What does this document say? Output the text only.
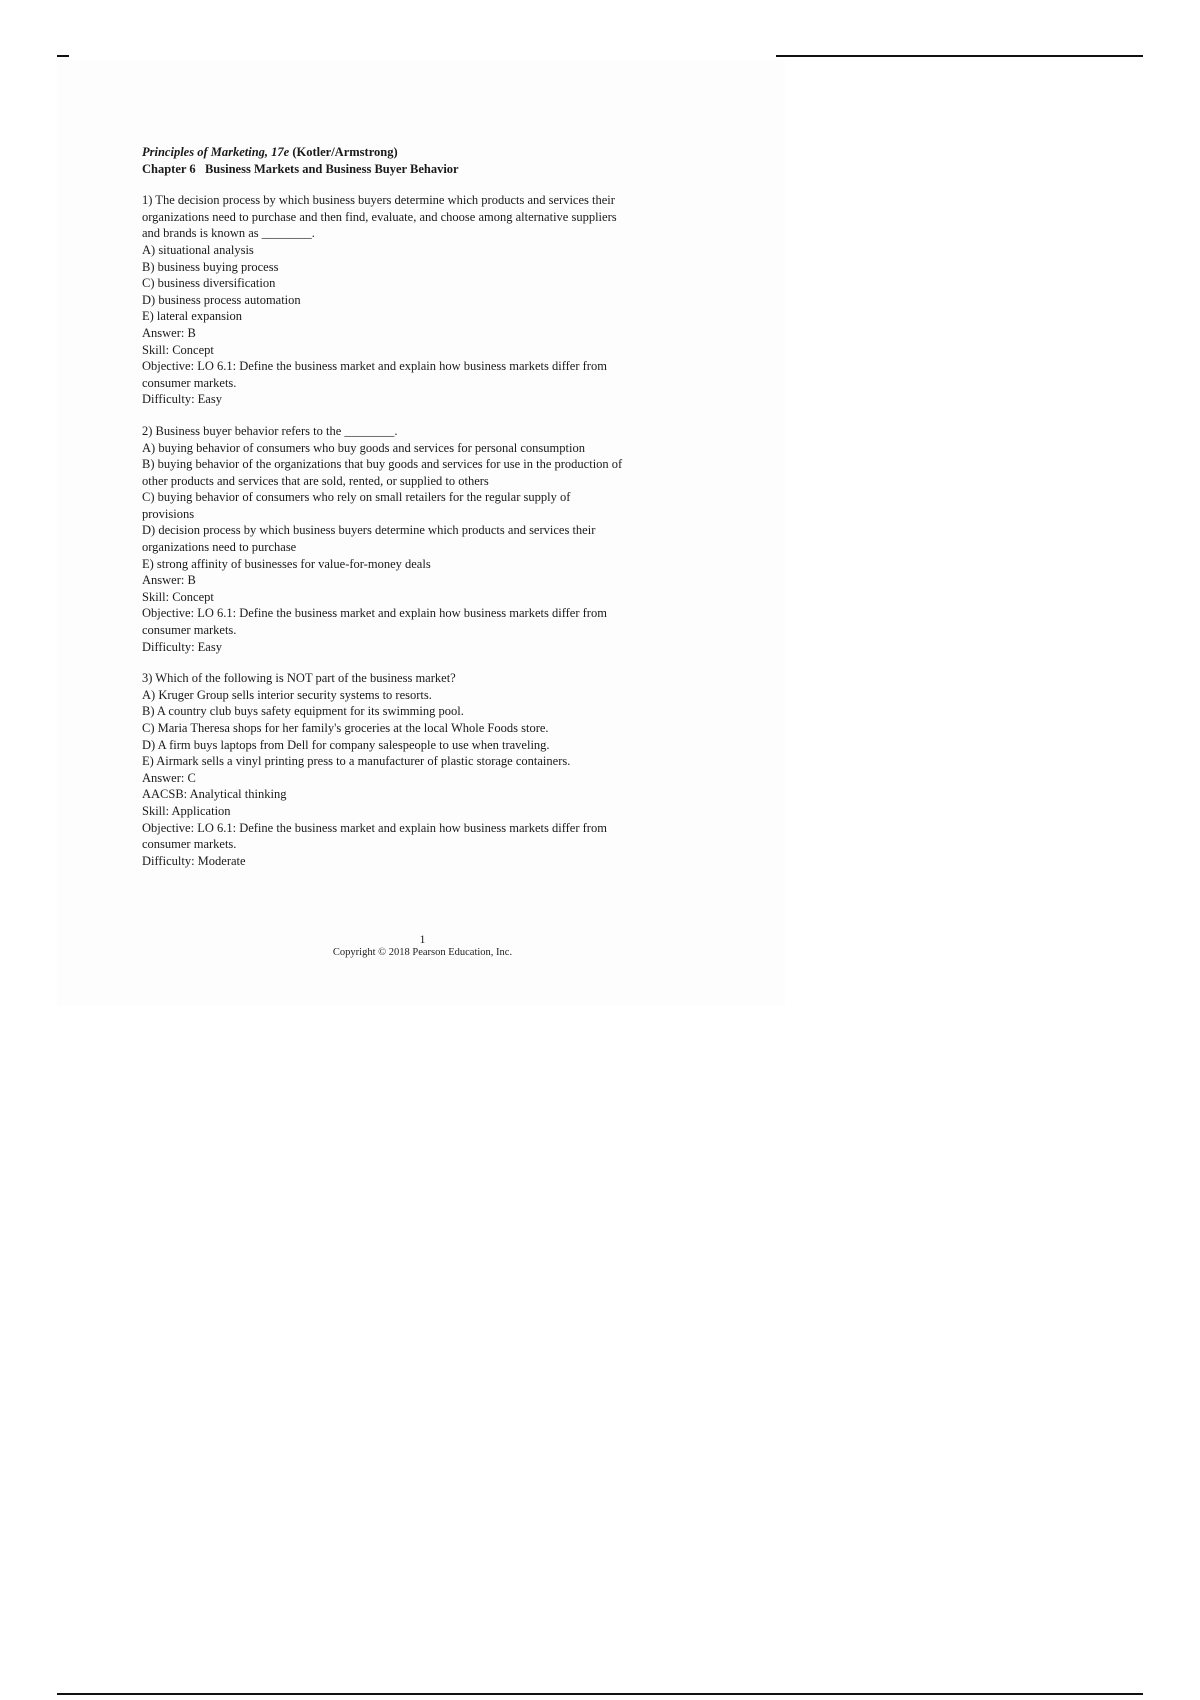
Principles of Marketing, 17e (Kotler/Armstrong)

Chapter 6   Business Markets and Business Buyer Behavior

1) The decision process by which business buyers determine which products and services their

organizations need to purchase and then find, evaluate, and choose among alternative suppliers

and brands is known as ________.

A) situational analysis

B) business buying process

C) business diversification

D) business process automation

E) lateral expansion

Answer: B

Skill: Concept

Objective: LO 6.1: Define the business market and explain how business markets differ from

consumer markets.

Difficulty: Easy

2) Business buyer behavior refers to the ________.

A) buying behavior of consumers who buy goods and services for personal consumption

B) buying behavior of the organizations that buy goods and services for use in the production of

other products and services that are sold, rented, or supplied to others

C) buying behavior of consumers who rely on small retailers for the regular supply of

provisions

D) decision process by which business buyers determine which products and services their

organizations need to purchase

E) strong affinity of businesses for value-for-money deals

Answer: B

Skill: Concept

Objective: LO 6.1: Define the business market and explain how business markets differ from

consumer markets.

Difficulty: Easy

3) Which of the following is NOT part of the business market?

A) Kruger Group sells interior security systems to resorts.

B) A country club buys safety equipment for its swimming pool.

C) Maria Theresa shops for her family's groceries at the local Whole Foods store.

D) A firm buys laptops from Dell for company salespeople to use when traveling.

E) Airmark sells a vinyl printing press to a manufacturer of plastic storage containers.

Answer: C

AACSB: Analytical thinking

Skill: Application

Objective: LO 6.1: Define the business market and explain how business markets differ from

consumer markets.

Difficulty: Moderate

1
Copyright © 2018 Pearson Education, Inc.
